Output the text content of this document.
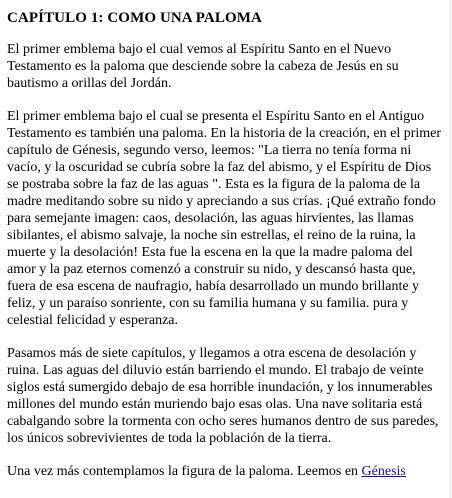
CAPÍTULO 1: COMO UNA PALOMA

El primer emblema bajo el cual vemos al Espíritu Santo en el Nuevo Testamento es la paloma que desciende sobre la cabeza de Jesús en su bautismo a orillas del Jordán.

El primer emblema bajo el cual se presenta el Espíritu Santo en el Antiguo Testamento es también una paloma. En la historia de la creación, en el primer capítulo de Génesis, segundo verso, leemos: "La tierra no tenía forma ni vacío, y la oscuridad se cubría sobre la faz del abismo, y el Espíritu de Dios se postraba sobre la faz de las aguas ". Esta es la figura de la paloma de la madre meditando sobre su nido y apreciando a sus crías. ¡Qué extraño fondo para semejante imagen: caos, desolación, las aguas hirvientes, las llamas sibilantes, el abismo salvaje, la noche sin estrellas, el reino de la ruina, la muerte y la desolación! Esta fue la escena en la que la madre paloma del amor y la paz eternos comenzó a construir su nido, y descansó hasta que, fuera de esa escena de naufragio, había desarrollado un mundo brillante y feliz, y un paraíso sonriente, con su familia humana y su familia. pura y celestial felicidad y esperanza.

Pasamos más de siete capítulos, y llegamos a otra escena de desolación y ruina. Las aguas del diluvio están barriendo el mundo. El trabajo de veinte siglos está sumergido debajo de esa horrible inundación, y los innumerables millones del mundo están muriendo bajo esas olas. Una nave solitaria está cabalgando sobre la tormenta con ocho seres humanos dentro de sus paredes, los únicos sobrevivientes de toda la población de la tierra.

Una vez más contemplamos la figura de la paloma. Leemos en Génesis
